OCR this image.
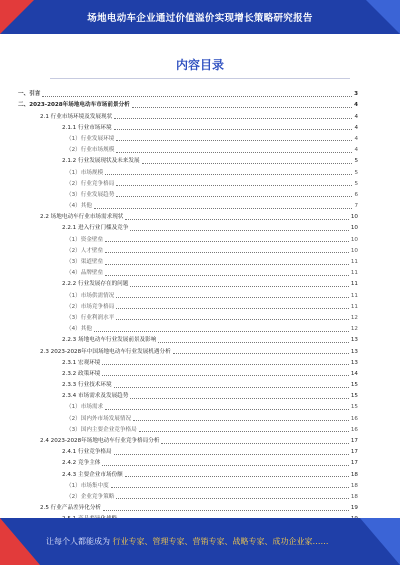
场地电动车企业通过价值溢价实现增长策略研究报告
内容目录
一、引言	3
二、2023-2028年场地电动车市场前景分析	4
2.1 行业市场环境及发展现状	4
2.1.1 行业市场环境	4
（1）行业发展环境	4
（2）行业市场规模	4
2.1.2 行业发展现状及未来发展	5
（1）市场规模	5
（2）行业竞争格局	5
（3）行业发展趋势	6
（4）其他	7
2.2 场地电动车行业市场需求现状	10
2.2.1 进入行业门槛及竞争	10
（1）资金壁垒	10
（2）人才壁垒	10
（3）渠道壁垒	11
（4）品牌壁垒	11
2.2.2 行业发展存在的问题	11
（1）市场供需情况	11
（2）市场竞争格局	11
（3）行业利润水平	12
（4）其他	12
2.2.3 场地电动车行业发展前景及影响	13
2.3 2023-2028年中国场地电动车行业发展机遇分析	13
2.3.1 宏观环境	13
2.3.2 政策环境	14
2.3.3 行业技术环境	15
2.3.4 市场需求及发展趋势	15
（1）市场需求	15
（2）国内外市场发展情况	16
（3）国内主要企业竞争格局	16
2.4 2023-2028年场地电动车行业竞争格局分析	17
2.4.1 行业竞争格局	17
2.4.2 竞争主体	17
2.4.3 主要企业市场份额	18
（1）市场集中度	18
（2）企业竞争策略	18
2.5 行业产品差异化分析	19
让每个人都能成为 行业专家、管理专家、营销专家、战略专家、成功企业家……
